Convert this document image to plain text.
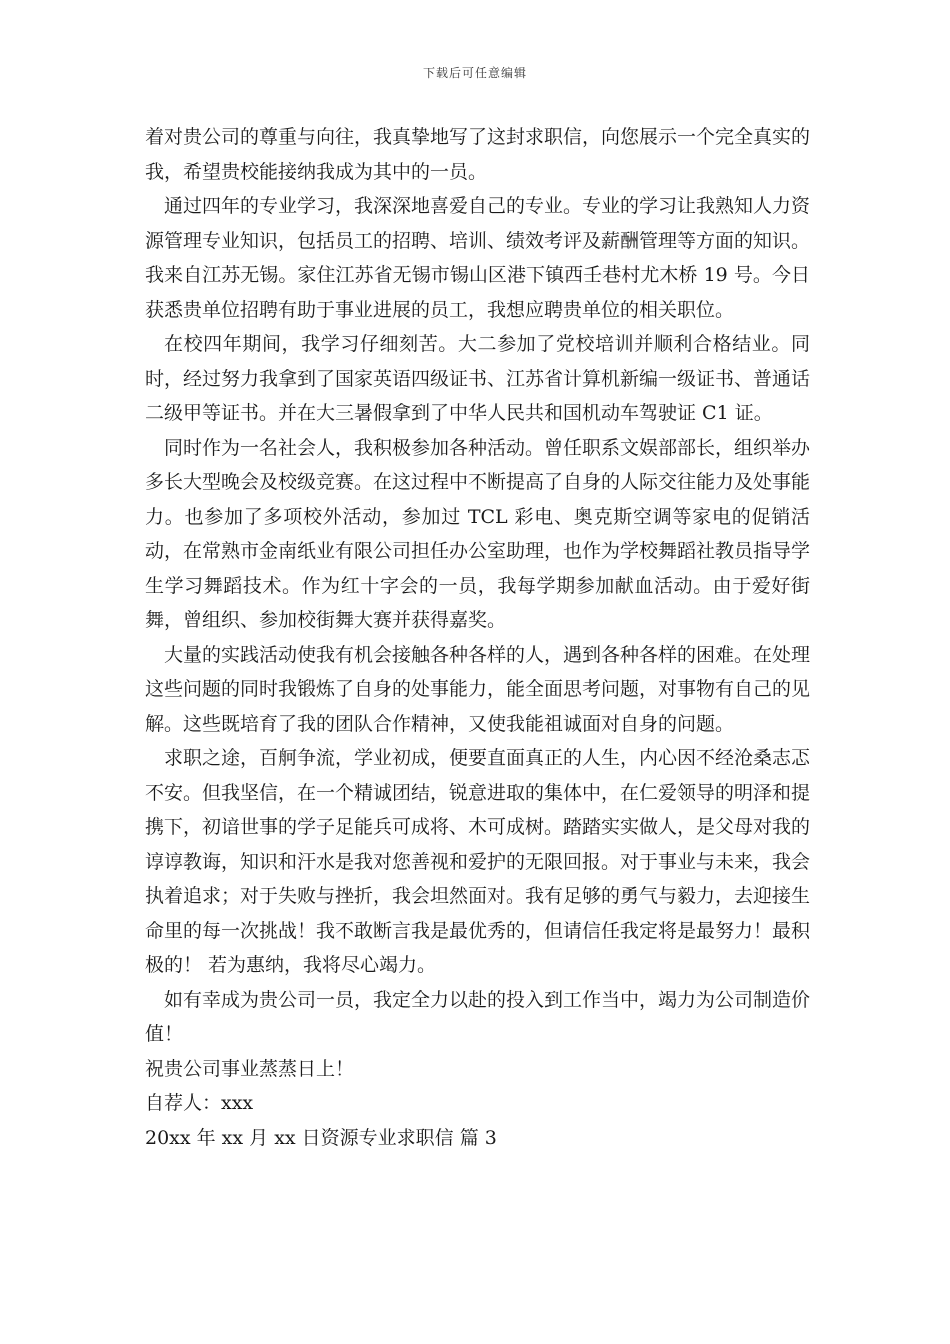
下载后可任意编辑

着对贵公司的尊重与向往，我真挚地写了这封求职信，向您展示一个完全真实的我，希望贵校能接纳我成为其中的一员。

通过四年的专业学习，我深深地喜爱自己的专业。专业的学习让我熟知人力资源管理专业知识，包括员工的招聘、培训、绩效考评及薪酬管理等方面的知识。我来自江苏无锡。家住江苏省无锡市锡山区港下镇西壬巷村尤木桥 19 号。今日获悉贵单位招聘有助于事业进展的员工，我想应聘贵单位的相关职位。

在校四年期间，我学习仔细刻苦。大二参加了党校培训并顺利合格结业。同时，经过努力我拿到了国家英语四级证书、江苏省计算机新编一级证书、普通话二级甲等证书。并在大三暑假拿到了中华人民共和国机动车驾驶证 C1 证。

同时作为一名社会人，我积极参加各种活动。曾任职系文娱部部长，组织举办多长大型晚会及校级竞赛。在这过程中不断提高了自身的人际交往能力及处事能力。也参加了多项校外活动，参加过 TCL 彩电、奥克斯空调等家电的促销活动，在常熟市金南纸业有限公司担任办公室助理，也作为学校舞蹈社教员指导学生学习舞蹈技术。作为红十字会的一员，我每学期参加献血活动。由于爱好街舞，曾组织、参加校街舞大赛并获得嘉奖。

大量的实践活动使我有机会接触各种各样的人，遇到各种各样的困难。在处理这些问题的同时我锻炼了自身的处事能力，能全面思考问题，对事物有自己的见解。这些既培育了我的团队合作精神，又使我能祖诚面对自身的问题。

求职之途，百舸争流，学业初成，便要直面真正的人生，内心因不经沧桑志忑不安。但我坚信，在一个精诚团结，锐意进取的集体中，在仁爱领导的明泽和提携下，初谙世事的学子足能兵可成将、木可成树。踏踏实实做人，是父母对我的谆谆教诲，知识和汗水是我对您善视和爱护的无限回报。对于事业与未来，我会执着追求；对于失败与挫折，我会坦然面对。我有足够的勇气与毅力，去迎接生命里的每一次挑战！我不敢断言我是最优秀的，但请信任我定将是最努力！最积极的！ 若为惠纳，我将尽心竭力。

如有幸成为贵公司一员，我定全力以赴的投入到工作当中，竭力为公司制造价值！

祝贵公司事业蒸蒸日上！

自荐人：xxx

20xx 年 xx 月 xx 日资源专业求职信 篇 3
